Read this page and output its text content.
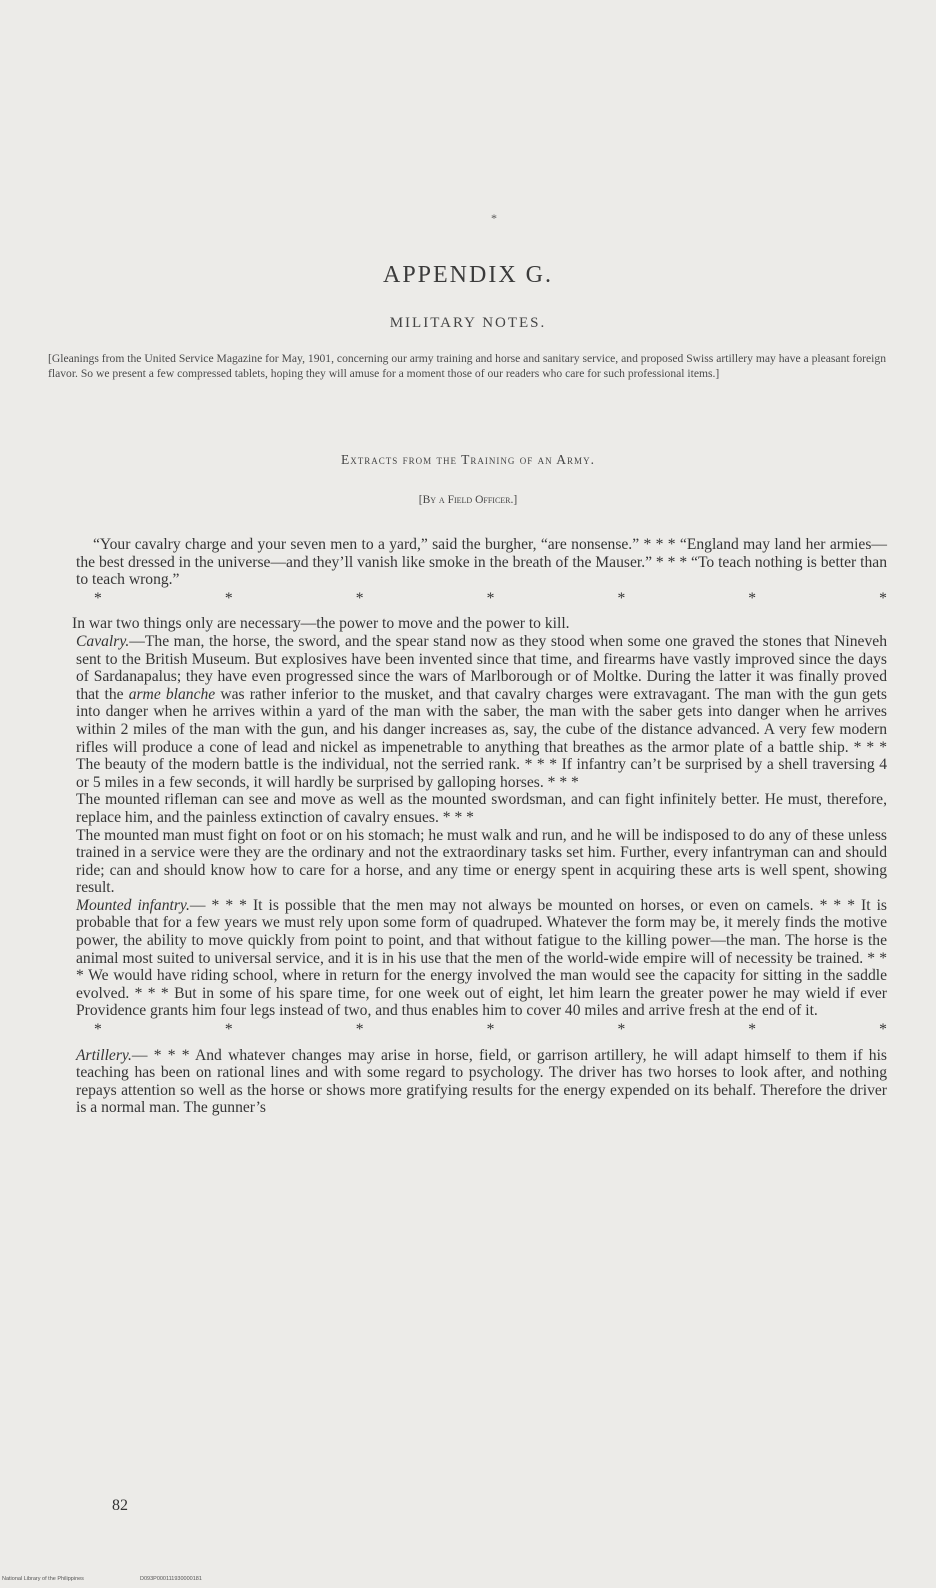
*
APPENDIX G.
MILITARY NOTES.
[Gleanings from the United Service Magazine for May, 1901, concerning our army training and horse and sanitary service, and proposed Swiss artillery may have a pleasant foreign flavor. So we present a few compressed tablets, hoping they will amuse for a moment those of our readers who care for such professional items.]
Extracts from the Training of an Army.
[By a Field Officer.]

“Your cavalry charge and your seven men to a yard,” said the burgher, “are nonsense.” * * * “England may land her armies—the best dressed in the universe—and they’ll vanish like smoke in the breath of the Mauser.” * * * “To teach nothing is better than to teach wrong.”

*	*	*	*	*	*	*

In war two things only are necessary—the power to move and the power to kill.

Cavalry.—The man, the horse, the sword, and the spear stand now as they stood when some one graved the stones that Nineveh sent to the British Museum. But explosives have been invented since that time, and firearms have vastly improved since the days of Sardanapalus; they have even progressed since the wars of Marlborough or of Moltke. During the latter it was finally proved that the arme blanche was rather inferior to the musket, and that cavalry charges were extravagant. The man with the gun gets into danger when he arrives within a yard of the man with the saber, the man with the saber gets into danger when he arrives within 2 miles of the man with the gun, and his danger increases as, say, the cube of the distance advanced. A very few modern rifles will produce a cone of lead and nickel as impenetrable to anything that breathes as the armor plate of a battle ship. * * * The beauty of the modern battle is the individual, not the serried rank. * * * If infantry can’t be surprised by a shell traversing 4 or 5 miles in a few seconds, it will hardly be surprised by galloping horses. * * *

The mounted rifleman can see and move as well as the mounted swordsman, and can fight infinitely better. He must, therefore, replace him, and the painless extinction of cavalry ensues. * * *

The mounted man must fight on foot or on his stomach; he must walk and run, and he will be indisposed to do any of these unless trained in a service were they are the ordinary and not the extraordinary tasks set him. Further, every infantryman can and should ride; can and should know how to care for a horse, and any time or energy spent in acquiring these arts is well spent, showing result.

Mounted infantry.— * * * It is possible that the men may not always be mounted on horses, or even on camels. * * * It is probable that for a few years we must rely upon some form of quadruped. Whatever the form may be, it merely finds the motive power, the ability to move quickly from point to point, and that without fatigue to the killing power—the man. The horse is the animal most suited to universal service, and it is in his use that the men of the world-wide empire will of necessity be trained. * * * We would have riding school, where in return for the energy involved the man would see the capacity for sitting in the saddle evolved. * * * But in some of his spare time, for one week out of eight, let him learn the greater power he may wield if ever Providence grants him four legs instead of two, and thus enables him to cover 40 miles and arrive fresh at the end of it.

*	*	*	*	*	*	*

Artillery.— * * * And whatever changes may arise in horse, field, or garrison artillery, he will adapt himself to them if his teaching has been on rational lines and with some regard to psychology. The driver has two horses to look after, and nothing repays attention so well as the horse or shows more gratifying results for the energy expended on its behalf. Therefore the driver is a normal man. The gunner’s

82
National Library of the Philippines	D093P000111930000181
